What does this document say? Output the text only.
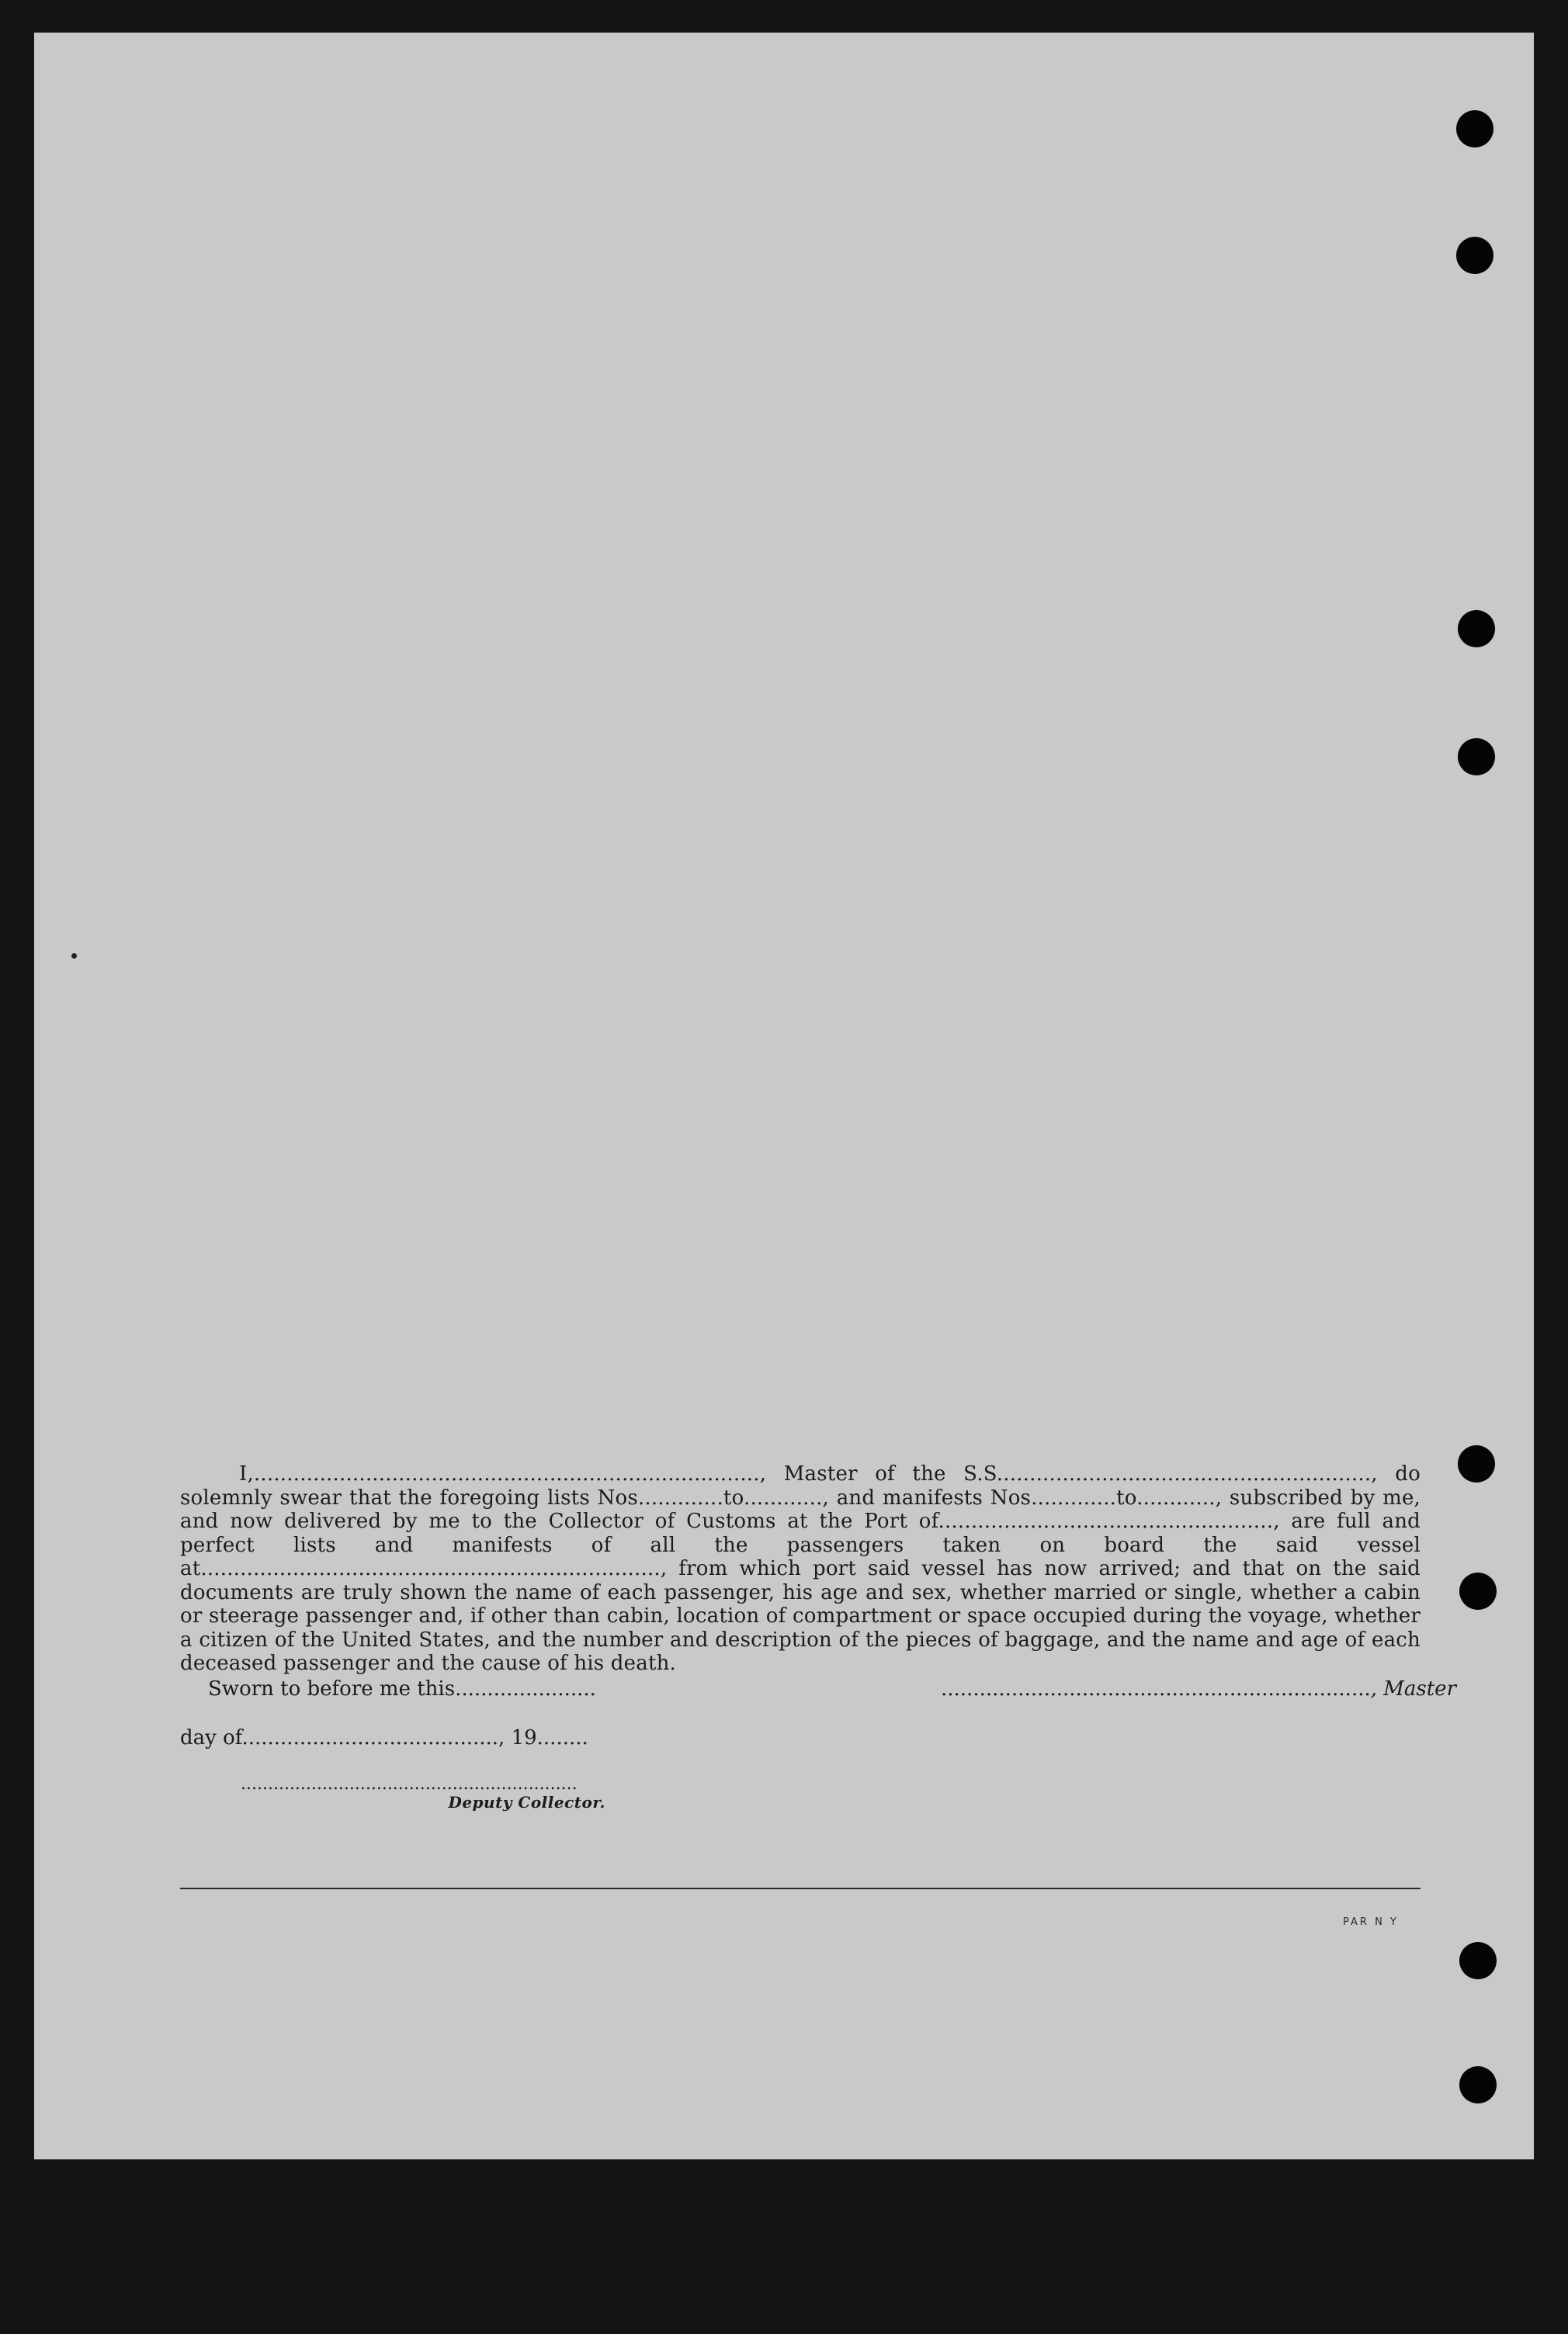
I,............................................................................., Master of the S.S........................................................., do solemnly swear that the foregoing lists Nos.............to............, and manifests Nos.............to............, subscribed by me, and now delivered by me to the Collector of Customs at the Port of..................................................., are full and perfect lists and manifests of all the passengers taken on board the said vessel at......................................................................, from which port said vessel has now arrived; and that on the said documents are truly shown the name of each passenger, his age and sex, whether married or single, whether a cabin or steerage passenger and, if other than cabin, location of compartment or space occupied during the voyage, whether a citizen of the United States, and the number and description of the pieces of baggage, and the name and age of each deceased passenger and the cause of his death.
Sworn to before me this......................	..................................................................., Master
day of........................................, 19........
..............................................................
Deputy Collector.
PAR N Y
